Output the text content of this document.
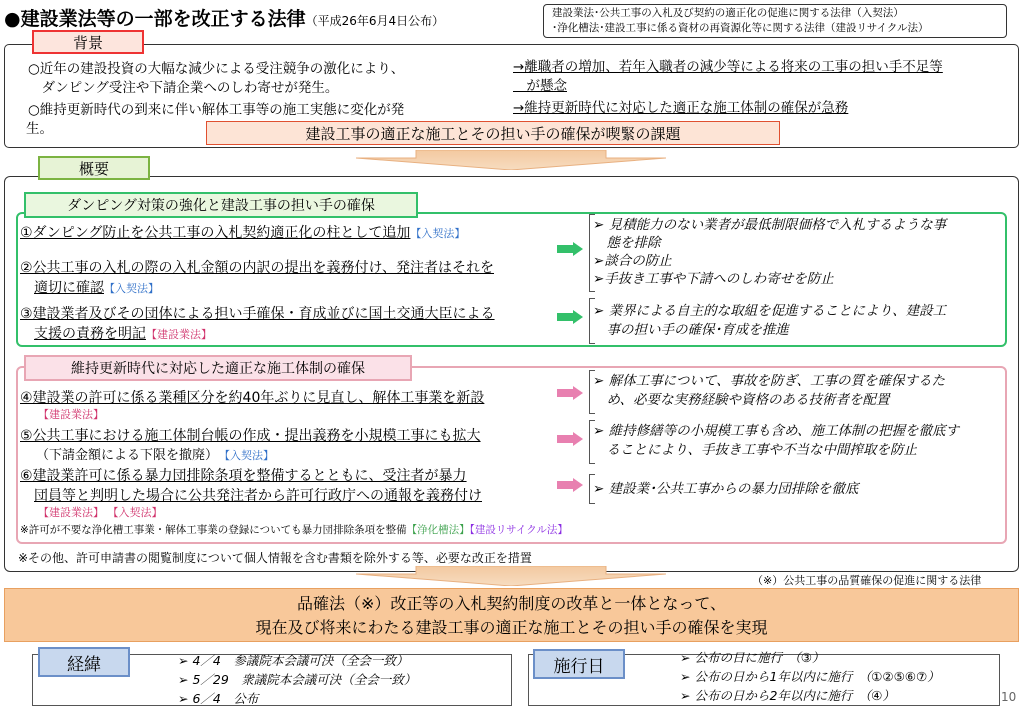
●建設業法等の一部を改正する法律（平成26年6月4日公布）
建設業法･公共工事の入札及び契約の適正化の促進に関する法律（入契法）
･浄化槽法･建設工事に係る資材の再資源化等に関する法律（建設リサイクル法）
背景
○近年の建設投資の大幅な減少による受注競争の激化により、
　ダンピング受注や下請企業へのしわ寄せが発生。
○維持更新時代の到来に伴い解体工事等の施工実態に変化が発
生。
→離職者の増加、若年入職者の減少等による将来の工事の担い手不足等
　が懸念
→維持更新時代に対応した適正な施工体制の確保が急務
建設工事の適正な施工とその担い手の確保が喫緊の課題
概要
ダンピング対策の強化と建設工事の担い手の確保
①ダンピング防止を公共工事の入札契約適正化の柱として追加【入契法】
②公共工事の入札の際の入札金額の内訳の提出を義務付け、発注者はそれを
適切に確認【入契法】
③建設業者及びその団体による担い手確保・育成並びに国土交通大臣による
支援の責務を明記【建設業法】
➢ 見積能力のない業者が最低制限価格で入札するような事
　態を排除
➢談合の防止
➢手抜き工事や下請へのしわ寄せを防止
➢ 業界による自主的な取組を促進することにより、建設工
　事の担い手の確保･育成を推進
維持更新時代に対応した適正な施工体制の確保
④建設業の許可に係る業種区分を約40年ぶりに見直し、解体工事業を新設
【建設業法】
⑤公共工事における施工体制台帳の作成・提出義務を小規模工事にも拡大
（下請金額による下限を撤廃）　 【入契法】
⑥建設業許可に係る暴力団排除条項を整備するとともに、受注者が暴力
団員等と判明した場合に公共発注者から許可行政庁への通報を義務付け
【建設業法】 【入契法】
※許可が不要な浄化槽工事業・解体工事業の登録についても暴力団排除条項を整備【浄化槽法】【建設リサイクル法】
➢ 解体工事について、事故を防ぎ、工事の質を確保するた
　め、必要な実務経験や資格のある技術者を配置
➢ 維持修繕等の小規模工事も含め、施工体制の把握を徹底す
　ることにより、手抜き工事や不当な中間搾取を防止
➢ 建設業･公共工事からの暴力団排除を徹底
※その他、許可申請書の閲覧制度について個人情報を含む書類を除外する等、必要な改正を措置
（※）公共工事の品質確保の促進に関する法律
品確法（※）改正等の入札契約制度の改革と一体となって、
現在及び将来にわたる建設工事の適正な施工とその担い手の確保を実現
経緯	➢ 4／4　参議院本会議可決（全会一致）
➢ 5／29　衆議院本会議可決（全会一致）
➢ 6／4　公布
施行日	➢ 公布の日に施行　（③）
➢ 公布の日から1年以内に施行　（①②⑤⑥⑦）
➢ 公布の日から2年以内に施行　（④）	10
